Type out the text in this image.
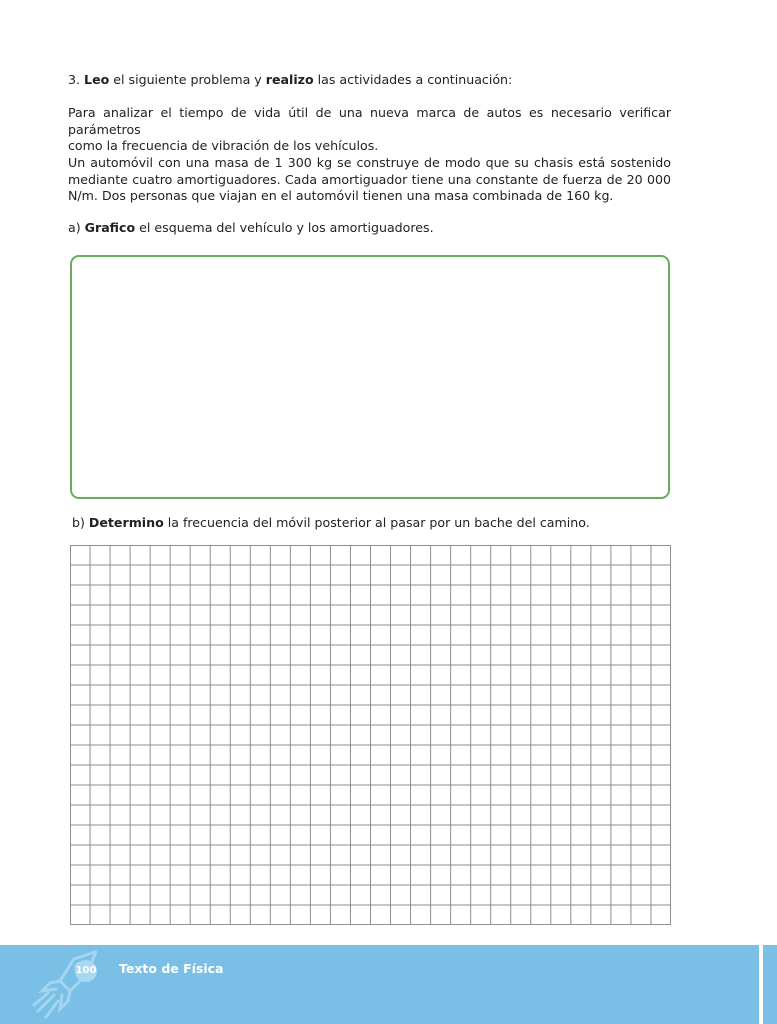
3. Leo el siguiente problema y realizo las actividades a continuación:
Para analizar el tiempo de vida útil de una nueva marca de autos es necesario verificar parámetros
como la frecuencia de vibración de los vehículos.
Un automóvil con una masa de 1 300 kg se construye de modo que su chasis está sostenido
mediante cuatro amortiguadores. Cada amortiguador tiene una constante de fuerza de 20 000
N/m. Dos personas que viajan en el automóvil tienen una masa combinada de 160 kg.
a) Grafico el esquema del vehículo y los amortiguadores.
b) Determino la frecuencia del móvil posterior al pasar por un bache del camino.
100 Texto de Física
